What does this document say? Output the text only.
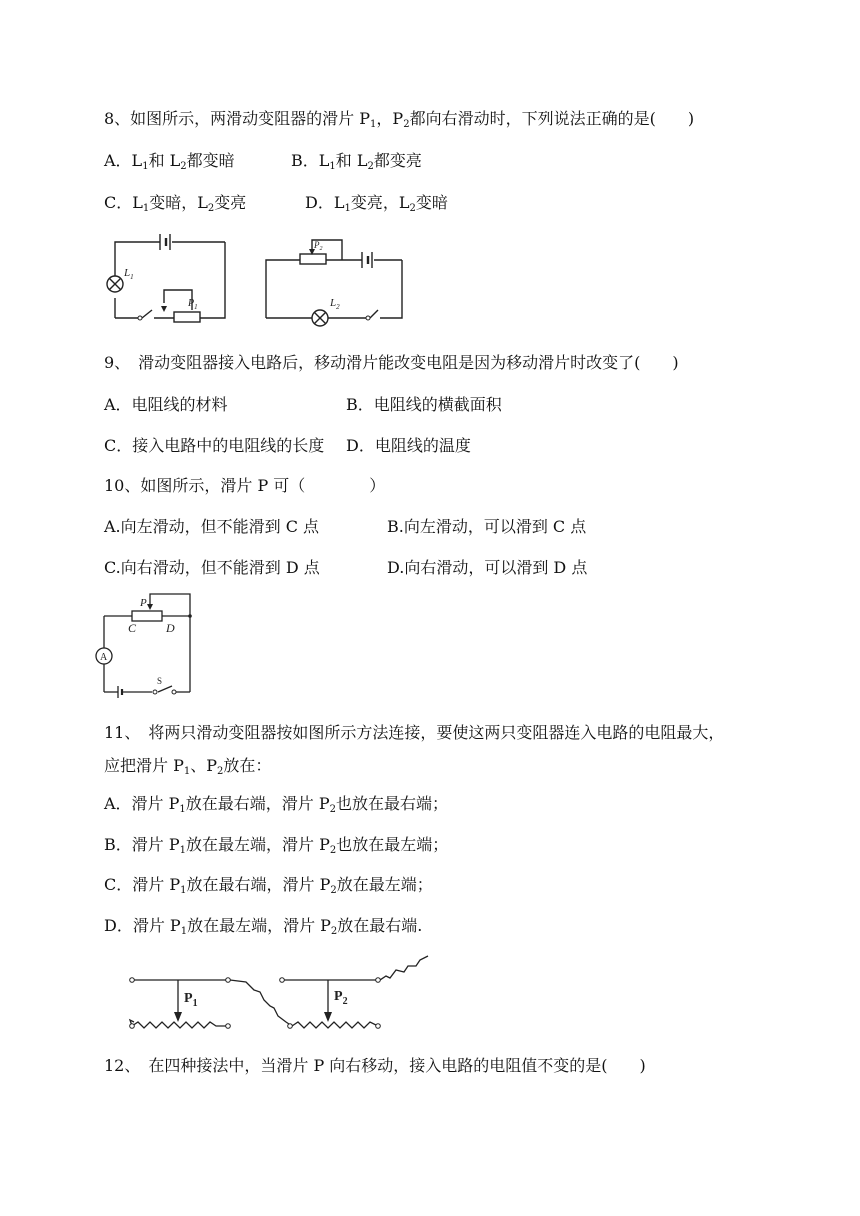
8、如图所示，两滑动变阻器的滑片 $P_1$，$P_2$都向右滑动时，下列说法正确的是(　　)
A．$L_1$和 $L_2$都变暗	B．$L_1$和 $L_2$都变亮
C．$L_1$变暗，$L_2$变亮	D．$L_1$变亮，$L_2$变暗
$L_1$
$P_1$	$L_2$
$P_2$
9、　滑动变阻器接入电路后，移动滑片能改变电阻是因为移动滑片时改变了(　　)
A．电阻线的材料	B．电阻线的横截面积
C．接入电路中的电阻线的长度 D．电阻线的温度
10、如图所示，滑片 P 可（　　　　）
A.向左滑动，但不能滑到 C 点	B.向左滑动，可以滑到 C 点
C.向右滑动，但不能滑到 D 点	D.向右滑动，可以滑到 D 点
A
P
C D
S
11、　将两只滑动变阻器按如图所示方法连接，要使这两只变阻器连入电路的电阻最大，
应把滑片 $P_1$、$P_2$放在：
A．滑片 $P_1$放在最右端，滑片 $P_2$也放在最右端；
B．滑片 $P_1$放在最左端，滑片 $P_2$也放在最左端；
C．滑片 $P_1$放在最右端，滑片 $P_2$放在最左端；
D．滑片 $P_1$放在最左端，滑片 $P_2$放在最右端.
$P_1$	$P_2$
12、　在四种接法中，当滑片 P 向右移动，接入电路的电阻值不变的是(　　)
